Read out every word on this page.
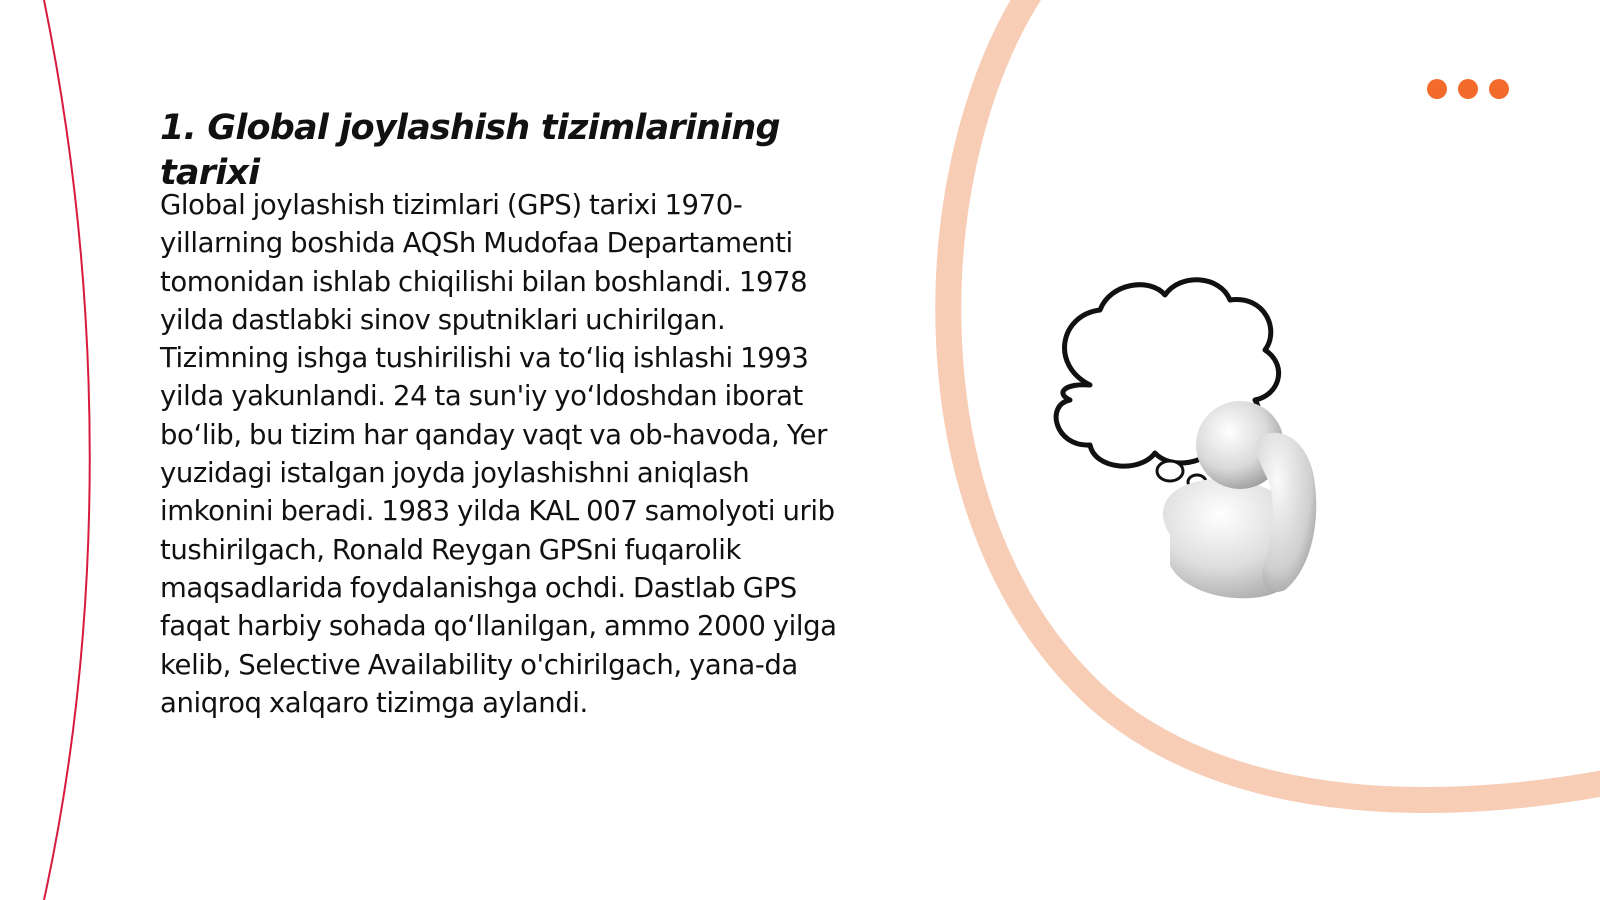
1. Global joylashish tizimlarining tarixi

Global joylashish tizimlari (GPS) tarixi 1970-yillarning boshida AQSh Mudofaa Departamenti tomonidan ishlab chiqilishi bilan boshlandi. 1978 yilda dastlabki sinov sputniklari uchirilgan. Tizimning ishga tushirilishi va to‘liq ishlashi 1993 yilda yakunlandi. 24 ta sun'iy yo‘ldoshdan iborat bo‘lib, bu tizim har qanday vaqt va ob-havoda, Yer yuzidagi istalgan joyda joylashishni aniqlash imkonini beradi. 1983 yilda KAL 007 samolyoti urib tushirilgach, Ronald Reygan GPSni fuqarolik maqsadlarida foydalanishga ochdi. Dastlab GPS faqat harbiy sohada qo‘llanilgan, ammo 2000 yilga kelib, Selective Availability o'chirilgach, yana-da aniqroq xalqaro tizimga aylandi.
